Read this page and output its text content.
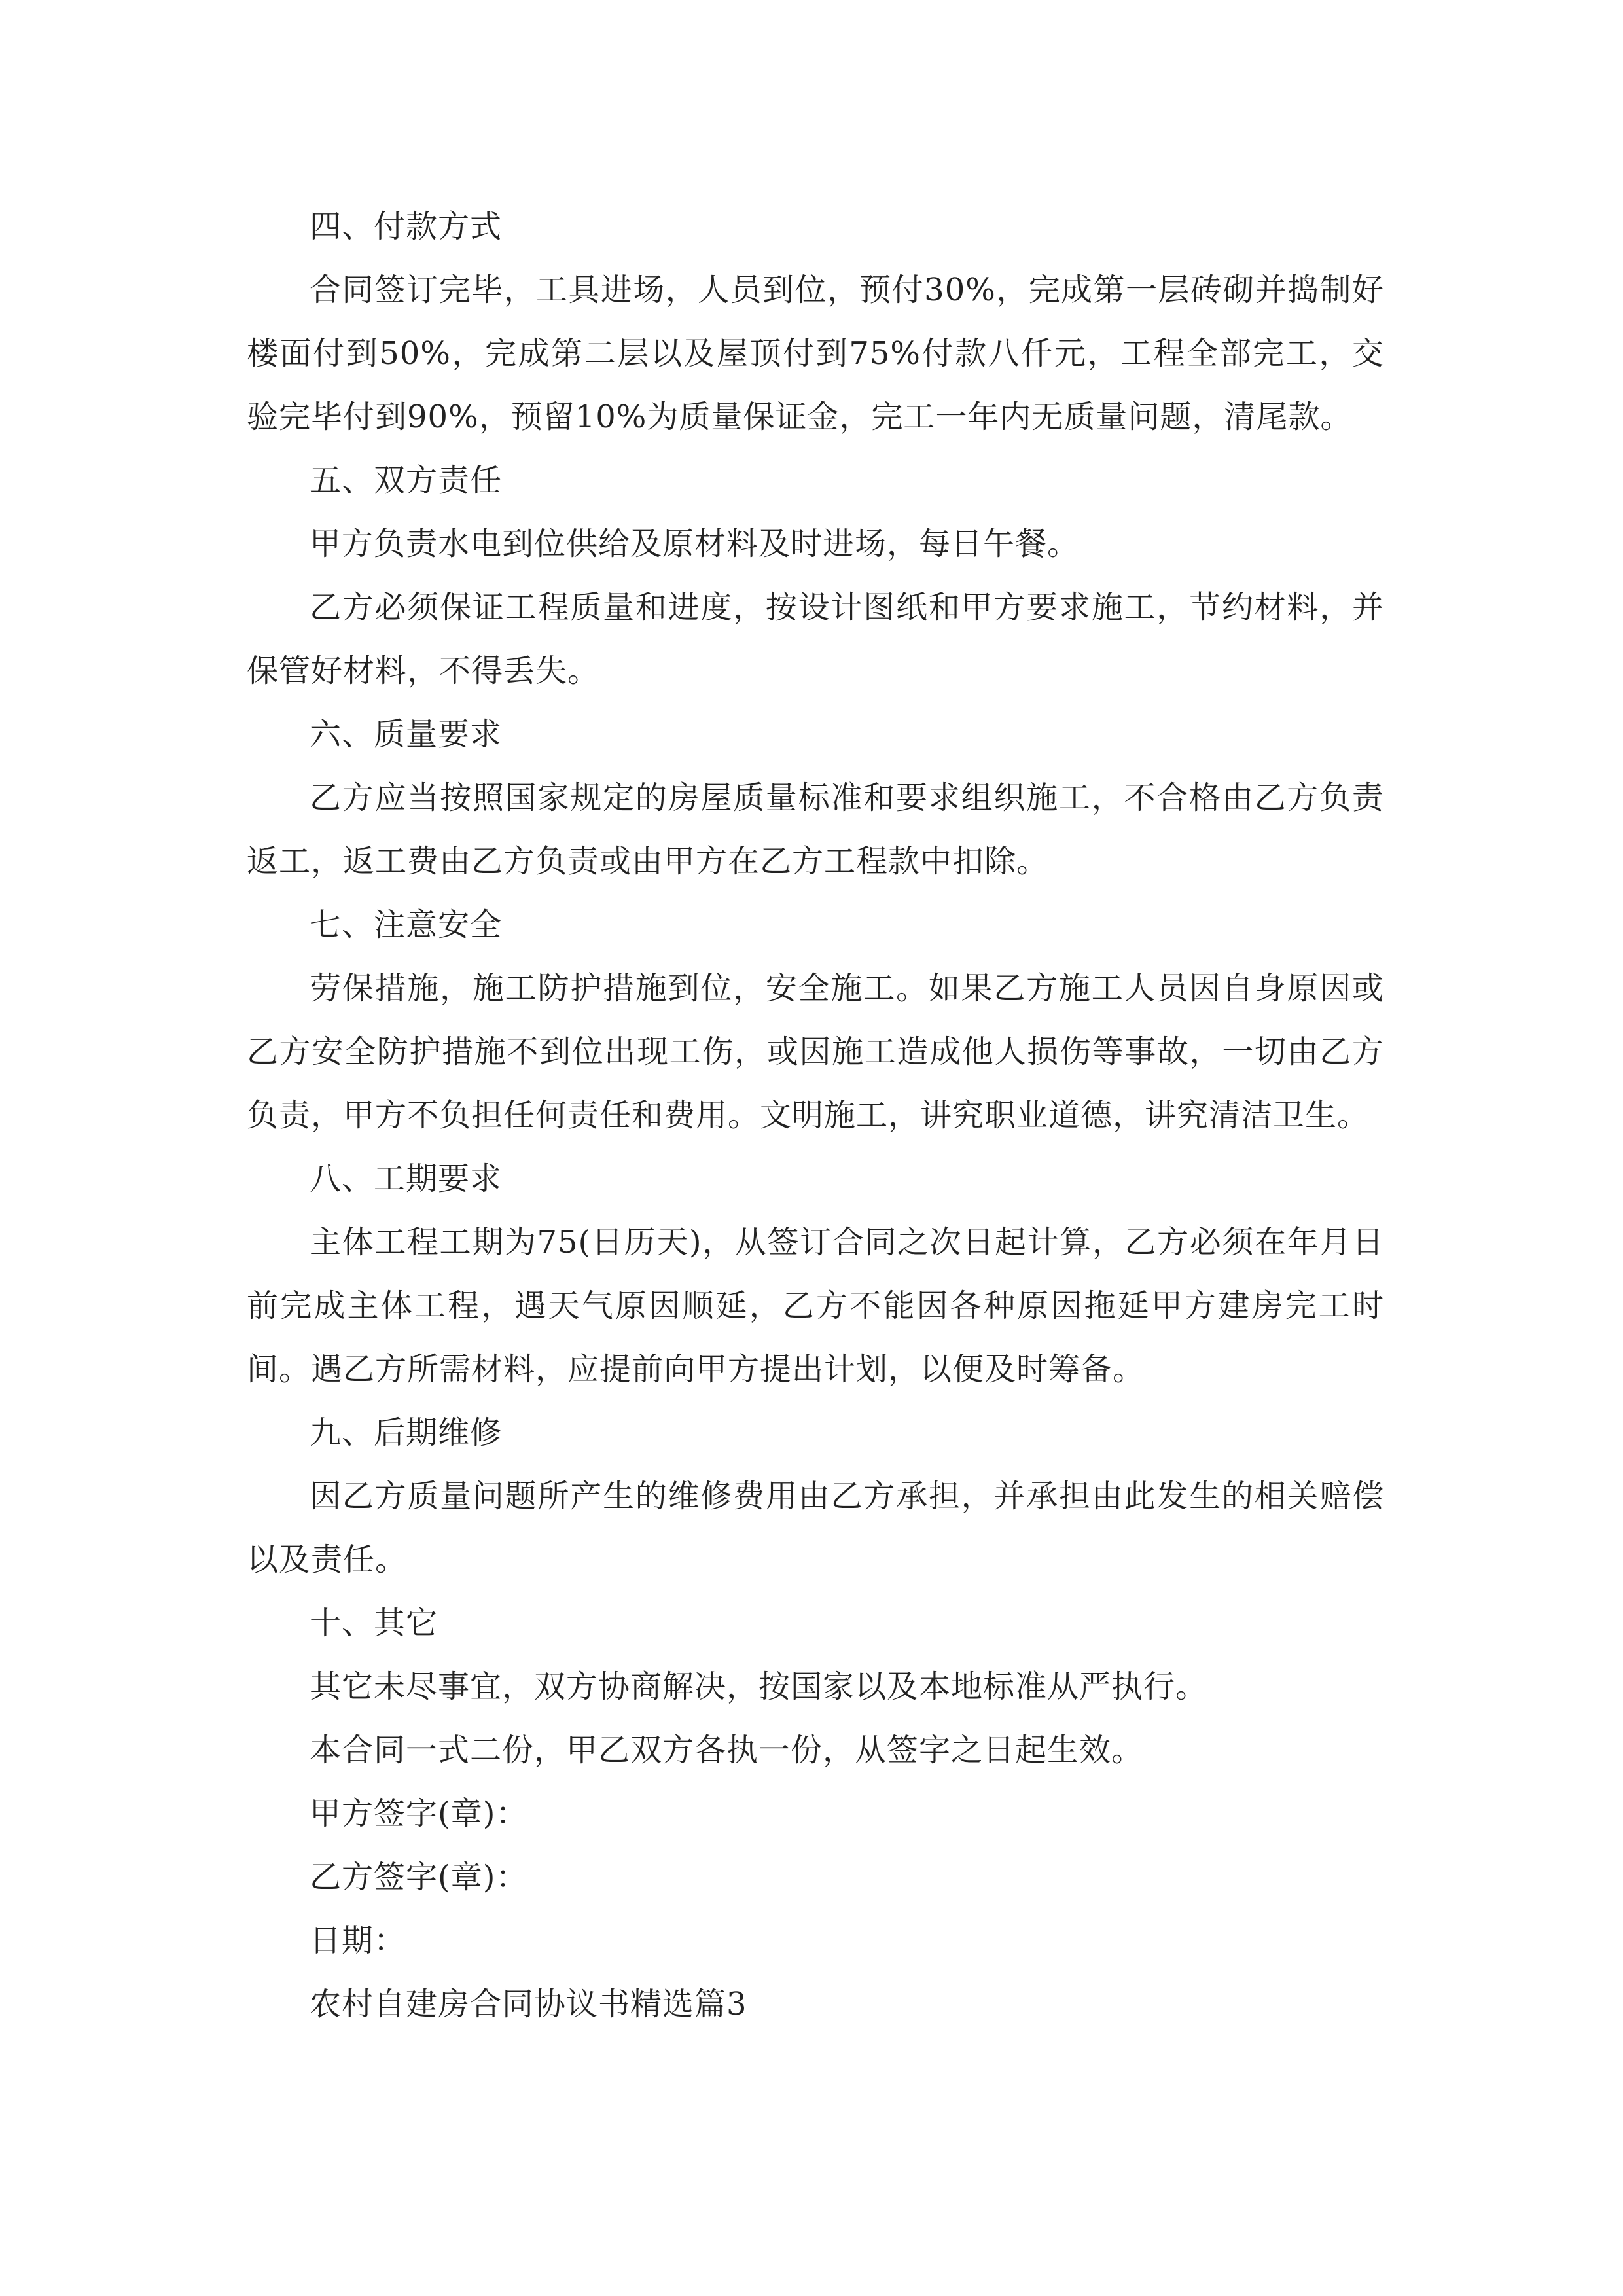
四、付款方式

合同签订完毕，工具进场，人员到位，预付30%，完成第一层砖砌并捣制好楼面付到50%，完成第二层以及屋顶付到75%付款八仟元，工程全部完工，交验完毕付到90%，预留10%为质量保证金，完工一年内无质量问题，清尾款。

五、双方责任

甲方负责水电到位供给及原材料及时进场，每日午餐。

乙方必须保证工程质量和进度，按设计图纸和甲方要求施工，节约材料，并保管好材料，不得丢失。

六、质量要求

乙方应当按照国家规定的房屋质量标准和要求组织施工，不合格由乙方负责返工，返工费由乙方负责或由甲方在乙方工程款中扣除。

七、注意安全

劳保措施，施工防护措施到位，安全施工。如果乙方施工人员因自身原因或乙方安全防护措施不到位出现工伤，或因施工造成他人损伤等事故，一切由乙方负责，甲方不负担任何责任和费用。文明施工，讲究职业道德，讲究清洁卫生。

八、工期要求

主体工程工期为75(日历天)，从签订合同之次日起计算，乙方必须在年月日前完成主体工程，遇天气原因顺延，乙方不能因各种原因拖延甲方建房完工时间。遇乙方所需材料，应提前向甲方提出计划，以便及时筹备。

九、后期维修

因乙方质量问题所产生的维修费用由乙方承担，并承担由此发生的相关赔偿以及责任。

十、其它

其它未尽事宜，双方协商解决，按国家以及本地标准从严执行。

本合同一式二份，甲乙双方各执一份，从签字之日起生效。

甲方签字(章)：

乙方签字(章)：

日期：

农村自建房合同协议书精选篇3
